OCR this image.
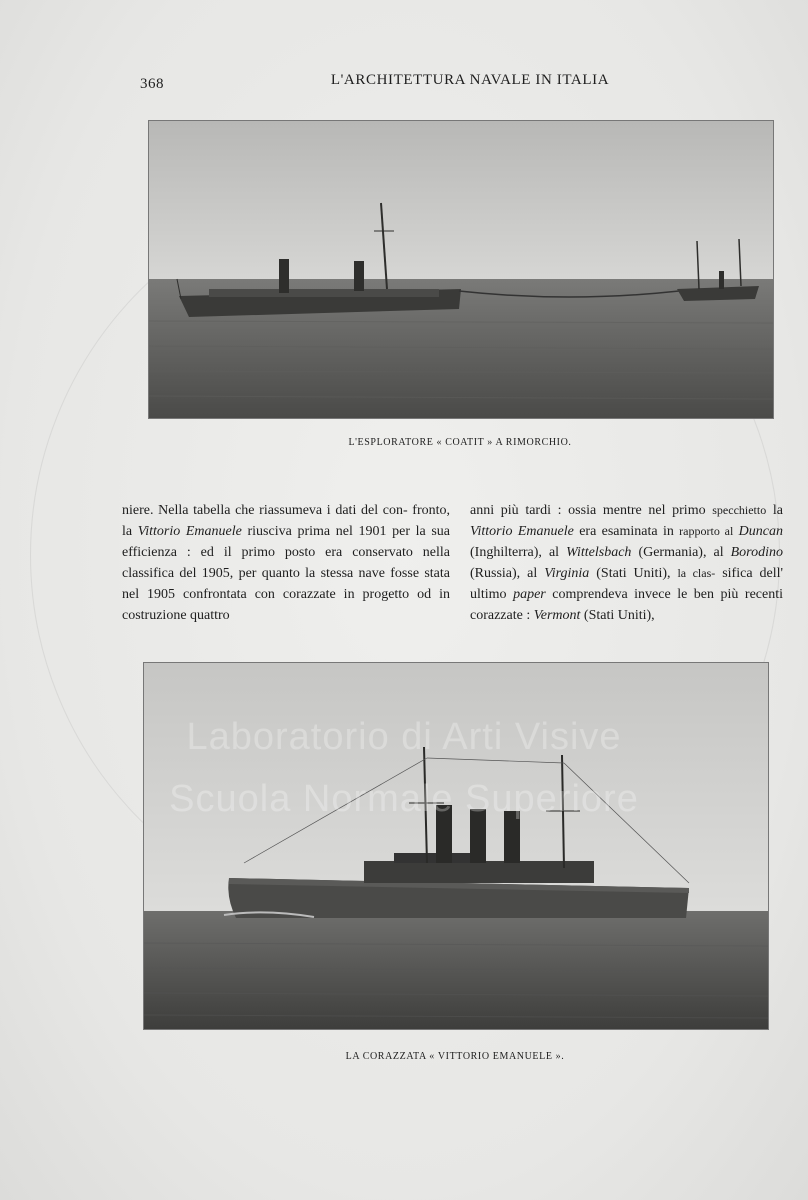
368	L'ARCHITETTURA NAVALE IN ITALIA
L'ESPLORATORE « COATIT » A RIMORCHIO.

niere. Nella tabella che riassumeva i dati del con- fronto, la Vittorio Emanuele riusciva prima nel 1901 per la sua efficienza : ed il primo posto era conservato nella classifica del 1905, per quanto la stessa nave fosse stata nel 1905 confrontata con corazzate in progetto od in costruzione quattro

anni più tardi : ossia mentre nel primo specchietto la Vittorio Emanuele era esaminata in rapporto al Duncan (Inghilterra), al Wittelsbach (Germania), al Borodino (Russia), al Virginia (Stati Uniti), la clas- sifica dell' ultimo paper comprendeva invece le ben più recenti corazzate : Vermont (Stati Uniti),

LA CORAZZATA « VITTORIO EMANUELE ».
Laboratorio di Arti Visive
Scuola Normale Superiore
